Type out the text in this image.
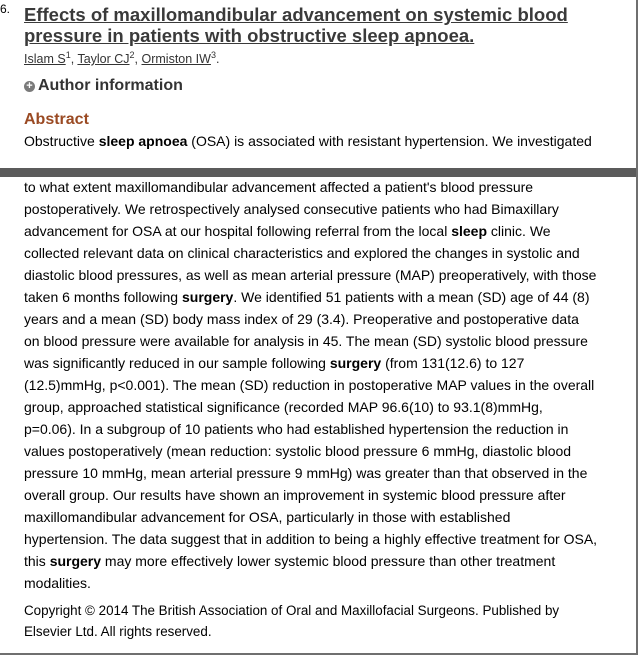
6. Effects of maxillomandibular advancement on systemic blood
pressure in patients with obstructive sleep apnoea.
Islam $S^1$, Taylor $CJ^2$, Ormiston $IW^3$.
+ Author information
Abstract
Obstructive sleep apnoea (OSA) is associated with resistant hypertension. We investigated
to what extent maxillomandibular advancement affected a patient's blood pressure
postoperatively. We retrospectively analysed consecutive patients who had Bimaxillary
advancement for OSA at our hospital following referral from the local sleep clinic. We
collected relevant data on clinical characteristics and explored the changes in systolic and
diastolic blood pressures, as well as mean arterial pressure (MAP) preoperatively, with those
taken 6 months following surgery. We identified 51 patients with a mean (SD) age of 44 (8)
years and a mean (SD) body mass index of 29 (3.4). Preoperative and postoperative data
on blood pressure were available for analysis in 45. The mean (SD) systolic blood pressure
was significantly reduced in our sample following surgery (from 131(12.6) to 127
(12.5)mmHg, p<0.001). The mean (SD) reduction in postoperative MAP values in the overall
group, approached statistical significance (recorded MAP 96.6(10) to 93.1(8)mmHg,
p=0.06). In a subgroup of 10 patients who had established hypertension the reduction in
values postoperatively (mean reduction: systolic blood pressure 6 mmHg, diastolic blood
pressure 10 mmHg, mean arterial pressure 9 mmHg) was greater than that observed in the
overall group. Our results have shown an improvement in systemic blood pressure after
maxillomandibular advancement for OSA, particularly in those with established
hypertension. The data suggest that in addition to being a highly effective treatment for OSA,
this surgery may more effectively lower systemic blood pressure than other treatment
modalities.
Copyright © 2014 The British Association of Oral and Maxillofacial Surgeons. Published by
Elsevier Ltd. All rights reserved.
